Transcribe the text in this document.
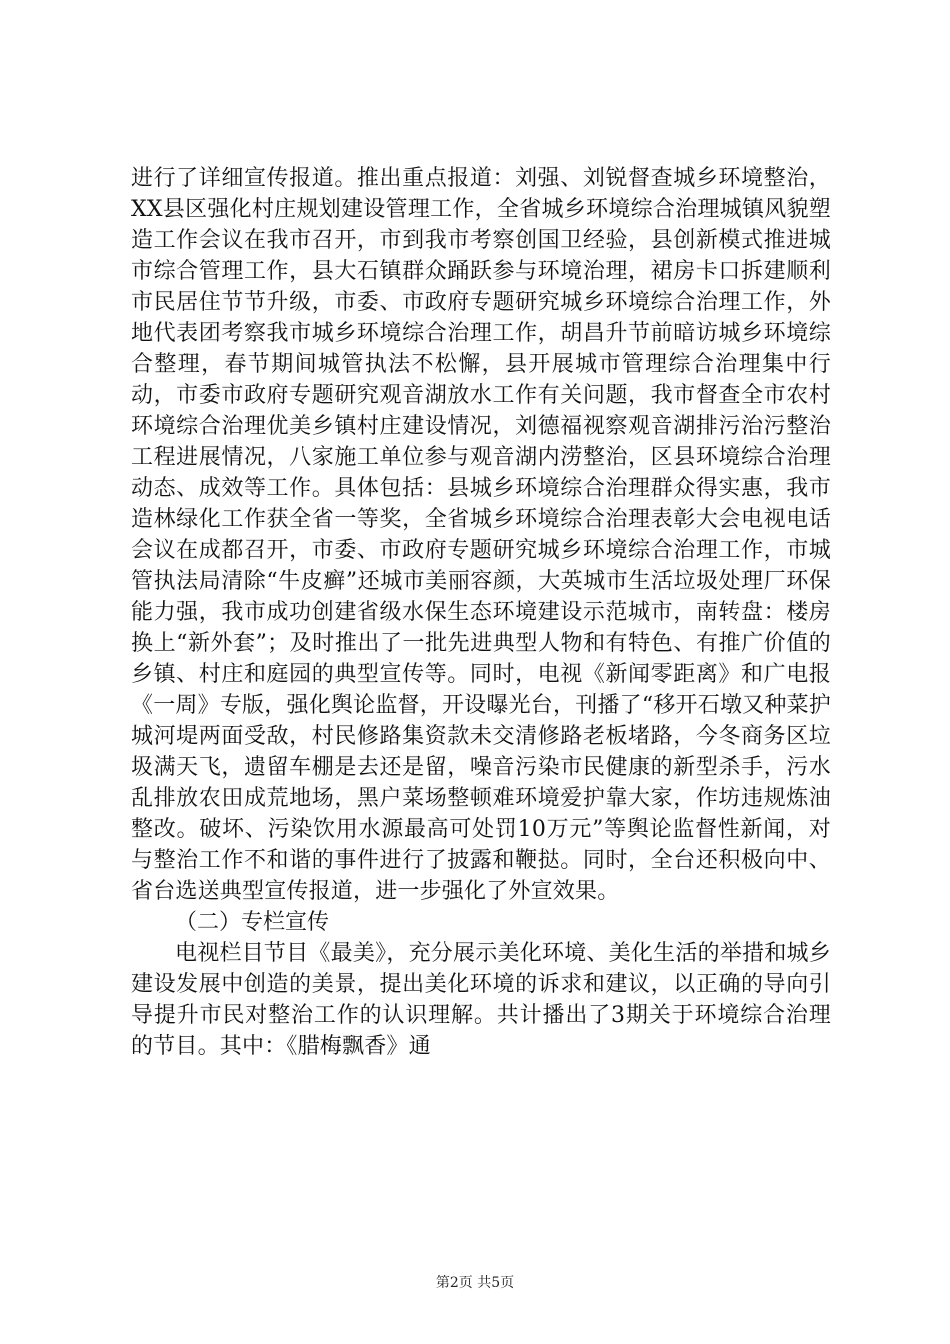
进行了详细宣传报道。推出重点报道：刘强、刘锐督查城乡环境整治，XX县区强化村庄规划建设管理工作，全省城乡环境综合治理城镇风貌塑造工作会议在我市召开，市到我市考察创国卫经验，县创新模式推进城市综合管理工作，县大石镇群众踊跃参与环境治理，裙房卡口拆建顺利市民居住节节升级，市委、市政府专题研究城乡环境综合治理工作，外地代表团考察我市城乡环境综合治理工作，胡昌升节前暗访城乡环境综合整理，春节期间城管执法不松懈，县开展城市管理综合治理集中行动，市委市政府专题研究观音湖放水工作有关问题，我市督查全市农村环境综合治理优美乡镇村庄建设情况，刘德福视察观音湖排污治污整治工程进展情况，八家施工单位参与观音湖内涝整治，区县环境综合治理动态、成效等工作。具体包括：县城乡环境综合治理群众得实惠，我市造林绿化工作获全省一等奖，全省城乡环境综合治理表彰大会电视电话会议在成都召开，市委、市政府专题研究城乡环境综合治理工作，市城管执法局清除“牛皮癣”还城市美丽容颜，大英城市生活垃圾处理厂环保能力强，我市成功创建省级水保生态环境建设示范城市，南转盘：楼房换上“新外套”；及时推出了一批先进典型人物和有特色、有推广价值的乡镇、村庄和庭园的典型宣传等。同时，电视《新闻零距离》和广电报《一周》专版，强化舆论监督，开设曝光台，刊播了“移开石墩又种菜护城河堤两面受敌，村民修路集资款未交清修路老板堵路，今冬商务区垃圾满天飞，遗留车棚是去还是留，噪音污染市民健康的新型杀手，污水乱排放农田成荒地场，黑户菜场整顿难环境爱护靠大家，作坊违规炼油整改。破坏、污染饮用水源最高可处罚10万元”等舆论监督性新闻，对与整治工作不和谐的事件进行了披露和鞭挞。同时，全台还积极向中、省台选送典型宣传报道，进一步强化了外宣效果。

（二）专栏宣传

电视栏目节目《最美》，充分展示美化环境、美化生活的举措和城乡建设发展中创造的美景，提出美化环境的诉求和建议，以正确的导向引导提升市民对整治工作的认识理解。共计播出了3期关于环境综合治理的节目。其中：《腊梅飘香》通

第2页 共5页
